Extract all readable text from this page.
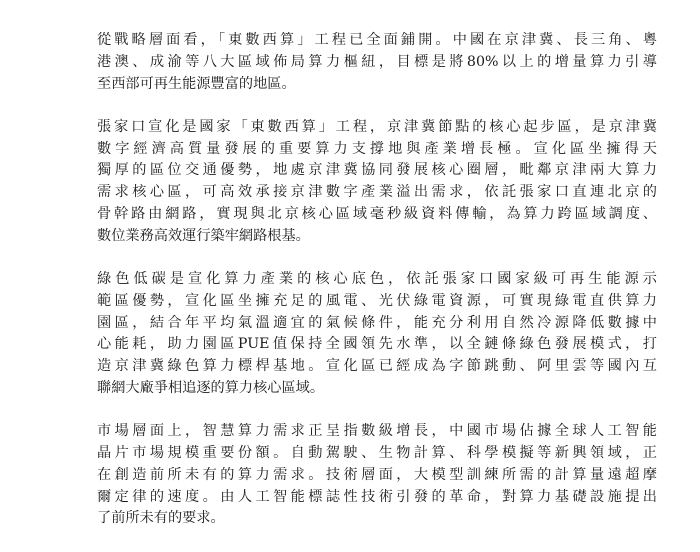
從戰略層面看，「東數西算」工程已全面鋪開。中國在京津冀、長三角、粵
港澳、成渝等八大區域佈局算力樞紐，目標是將80%以上的增量算力引導
至西部可再生能源豐富的地區。

張家口宣化是國家「東數西算」工程，京津冀節點的核心起步區，是京津冀
數字經濟高質量發展的重要算力支撐地與產業增長極。宣化區坐擁得天
獨厚的區位交通優勢，地處京津冀協同發展核心圈層，毗鄰京津兩大算力
需求核心區，可高效承接京津數字產業溢出需求，依託張家口直連北京的
骨幹路由網路，實現與北京核心區域毫秒級資料傳輸，為算力跨區域調度、
數位業務高效運行築牢網路根基。

綠色低碳是宣化算力產業的核心底色，依託張家口國家級可再生能源示
範區優勢，宣化區坐擁充足的風電、光伏綠電資源，可實現綠電直供算力
園區，結合年平均氣溫適宜的氣候條件，能充分利用自然冷源降低數據中
心能耗，助力園區PUE值保持全國領先水準，以全鏈條綠色發展模式，打
造京津冀綠色算力標桿基地。宣化區已經成為字節跳動、阿里雲等國內互
聯網大廠爭相追逐的算力核心區域。

市場層面上，智慧算力需求正呈指數級增長，中國市場佔據全球人工智能
晶片市場規模重要份額。自動駕駛、生物計算、科學模擬等新興領域，正
在創造前所未有的算力需求。技術層面，大模型訓練所需的計算量遠超摩
爾定律的速度。由人工智能標誌性技術引發的革命，對算力基礎設施提出
了前所未有的要求。
